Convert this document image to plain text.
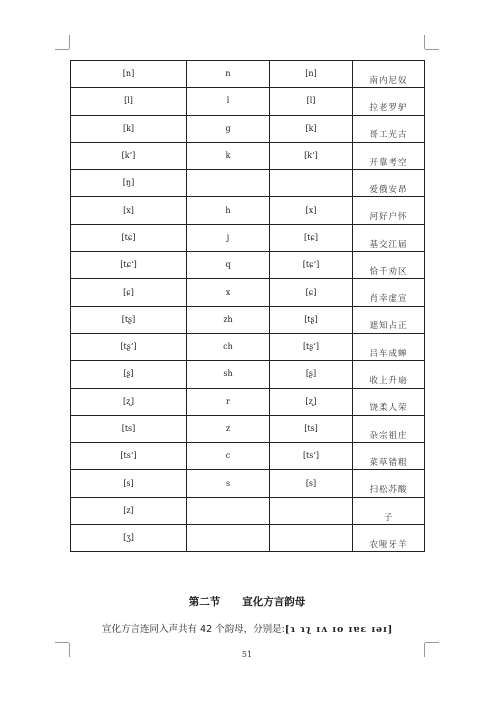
[n]	n	[n]	南内尼奴
[l]	l	[l]	拉老罗驴
[k]	g	[k]	哥工光古
[kʻ]	k	[kʻ]	开靠考空
[ŋ]			爱俄安昂
[x]	h	[x]	河好户怀
[tɕ]	j	[tɕ]	基交江届
[tɕʻ]	q	[tɕʻ]	恰千劝区
[ɕ]	x	[ɕ]	肖幸虚宣
[tʂ]	zh	[tʂ]	遮知占正
[tʂʻ]	ch	[tʂʻ]	吕车成蝉
[ʂ]	sh	[ʂ]	收上升扇
[ʐ]	r	[ʐ]	饶柔人荣
[ts]	z	[ts]	杂宗祖庄
[tsʻ]	c	[tsʻ]	菜草错粗
[s]	s	[s]	扫松苏酸
[z]			子
[ʒ]			农哑牙羊
第二节 宣化方言韵母
宣化方言连同入声共有 42 个韵母，分别是:[ɿ ɿʅ ɪʌ ɪo ɪɐɛ ɪəɪ]
51
